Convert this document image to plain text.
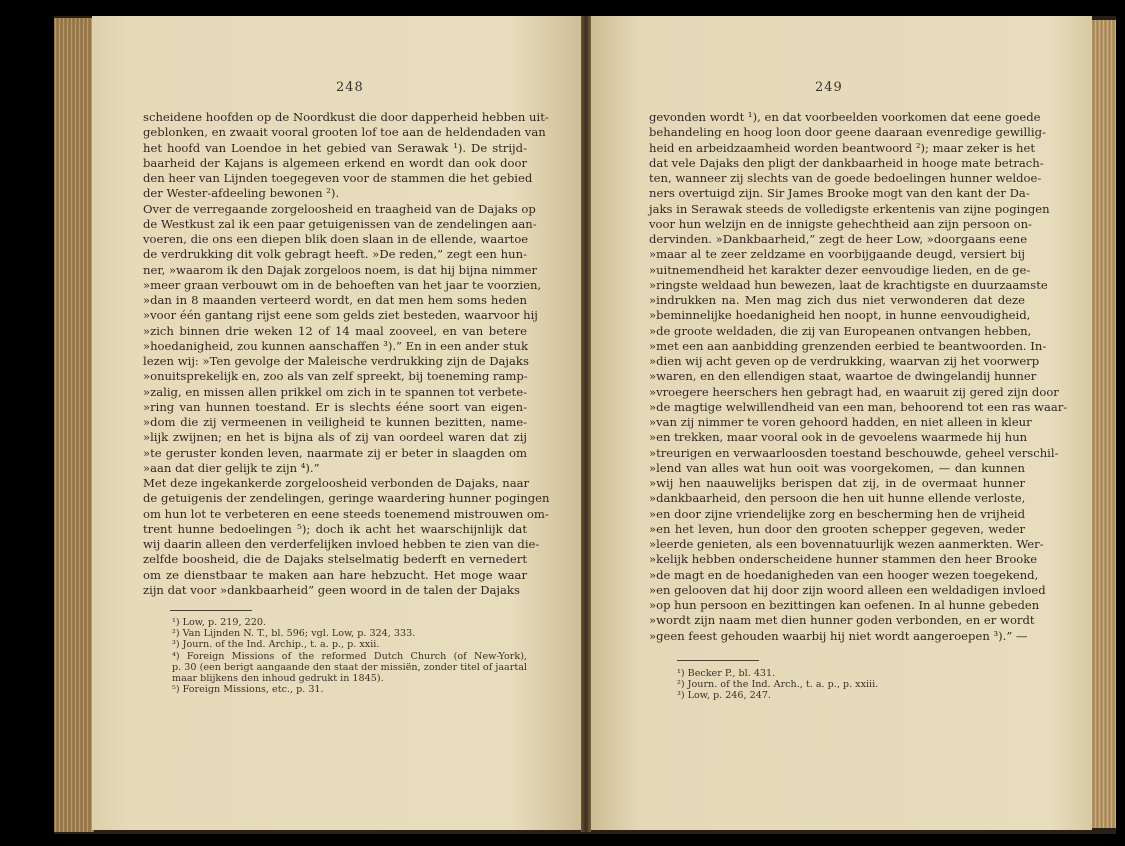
248	249
scheidene hoofden op de Noordkust die door dapperheid hebben uit-
geblonken, en zwaait vooral grooten lof toe aan de heldendaden van
het hoofd van Loendoe in het gebied van Serawak ¹). De strijd-
baarheid der Kajans is algemeen erkend en wordt dan ook door
den heer van Lijnden toegegeven voor de stammen die het gebied
der Wester-afdeeling bewonen ²).
Over de verregaande zorgeloosheid en traagheid van de Dajaks op
de Westkust zal ik een paar getuigenissen van de zendelingen aan-
voeren, die ons een diepen blik doen slaan in de ellende, waartoe
de verdrukking dit volk gebragt heeft. »De reden,” zegt een hun-
ner, »waarom ik den Dajak zorgeloos noem, is dat hij bijna nimmer
»meer graan verbouwt om in de behoeften van het jaar te voorzien,
»dan in 8 maanden verteerd wordt, en dat men hem soms heden
»voor één gantang rijst eene som gelds ziet besteden, waarvoor hij
»zich binnen drie weken 12 of 14 maal zooveel, en van betere
»hoedanigheid, zou kunnen aanschaffen ³).” En in een ander stuk
lezen wij: »Ten gevolge der Maleische verdrukking zijn de Dajaks
»onuitsprekelijk en, zoo als van zelf spreekt, bij toeneming ramp-
»zalig, en missen allen prikkel om zich in te spannen tot verbete-
»ring van hunnen toestand. Er is slechts ééne soort van eigen-
»dom die zij vermeenen in veiligheid te kunnen bezitten, name-
»lijk zwijnen; en het is bijna als of zij van oordeel waren dat zij
»te geruster konden leven, naarmate zij er beter in slaagden om
»aan dat dier gelijk te zijn ⁴).”
Met deze ingekankerde zorgeloosheid verbonden de Dajaks, naar
de getuigenis der zendelingen, geringe waardering hunner pogingen
om hun lot te verbeteren en eene steeds toenemend mistrouwen om-
trent hunne bedoelingen ⁵); doch ik acht het waarschijnlijk dat
wij daarin alleen den verderfelijken invloed hebben te zien van die-
zelfde boosheid, die de Dajaks stelselmatig bederft en vernedert
om ze dienstbaar te maken aan hare hebzucht. Het moge waar
zijn dat voor »dankbaarheid” geen woord in de talen der Dajaks
gevonden wordt ¹), en dat voorbeelden voorkomen dat eene goede
behandeling en hoog loon door geene daaraan evenredige gewillig-
heid en arbeidzaamheid worden beantwoord ²); maar zeker is het
dat vele Dajaks den pligt der dankbaarheid in hooge mate betrach-
ten, wanneer zij slechts van de goede bedoelingen hunner weldoe-
ners overtuigd zijn. Sir James Brooke mogt van den kant der Da-
jaks in Serawak steeds de volledigste erkentenis van zijne pogingen
voor hun welzijn en de innigste gehechtheid aan zijn persoon on-
dervinden. »Dankbaarheid,” zegt de heer Low, »doorgaans eene
»maar al te zeer zeldzame en voorbijgaande deugd, versiert bij
»uitnemendheid het karakter dezer eenvoudige lieden, en de ge-
»ringste weldaad hun bewezen, laat de krachtigste en duurzaamste
»indrukken na. Men mag zich dus niet verwonderen dat deze
»beminnelijke hoedanigheid hen noopt, in hunne eenvoudigheid,
»de groote weldaden, die zij van Europeanen ontvangen hebben,
»met een aan aanbidding grenzenden eerbied te beantwoorden. In-
»dien wij acht geven op de verdrukking, waarvan zij het voorwerp
»waren, en den ellendigen staat, waartoe de dwingelandij hunner
»vroegere heerschers hen gebragt had, en waaruit zij gered zijn door
»de magtige welwillendheid van een man, behoorend tot een ras waar-
»van zij nimmer te voren gehoord hadden, en niet alleen in kleur
»en trekken, maar vooral ook in de gevoelens waarmede hij hun
»treurigen en verwaarloosden toestand beschouwde, geheel verschil-
»lend van alles wat hun ooit was voorgekomen, — dan kunnen
»wij hen naauwelijks berispen dat zij, in de overmaat hunner
»dankbaarheid, den persoon die hen uit hunne ellende verloste,
»en door zijne vriendelijke zorg en bescherming hen de vrijheid
»en het leven, hun door den grooten schepper gegeven, weder
»leerde genieten, als een bovennatuurlijk wezen aanmerkten. Wer-
»kelijk hebben onderscheidene hunner stammen den heer Brooke
»de magt en de hoedanigheden van een hooger wezen toegekend,
»en gelooven dat hij door zijn woord alleen een weldadigen invloed
»op hun persoon en bezittingen kan oefenen. In al hunne gebeden
»wordt zijn naam met dien hunner goden verbonden, en er wordt
»geen feest gehouden waarbij hij niet wordt aangeroepen ³).” —
¹) Low, p. 219, 220.
²) Van Lijnden N. T., bl. 596; vgl. Low, p. 324, 333.
³) Journ. of the Ind. Archip., t. a. p., p. xxii.
⁴) Foreign Missions of the reformed Dutch Church (of New-York),
p. 30 (een berigt aangaande den staat der missiën, zonder titel of jaartal
maar blijkens den inhoud gedrukt in 1845).
⁵) Foreign Missions, etc., p. 31.
¹) Becker P., bl. 431.
²) Journ. of the Ind. Arch., t. a. p., p. xxiii.
³) Low, p. 246, 247.
